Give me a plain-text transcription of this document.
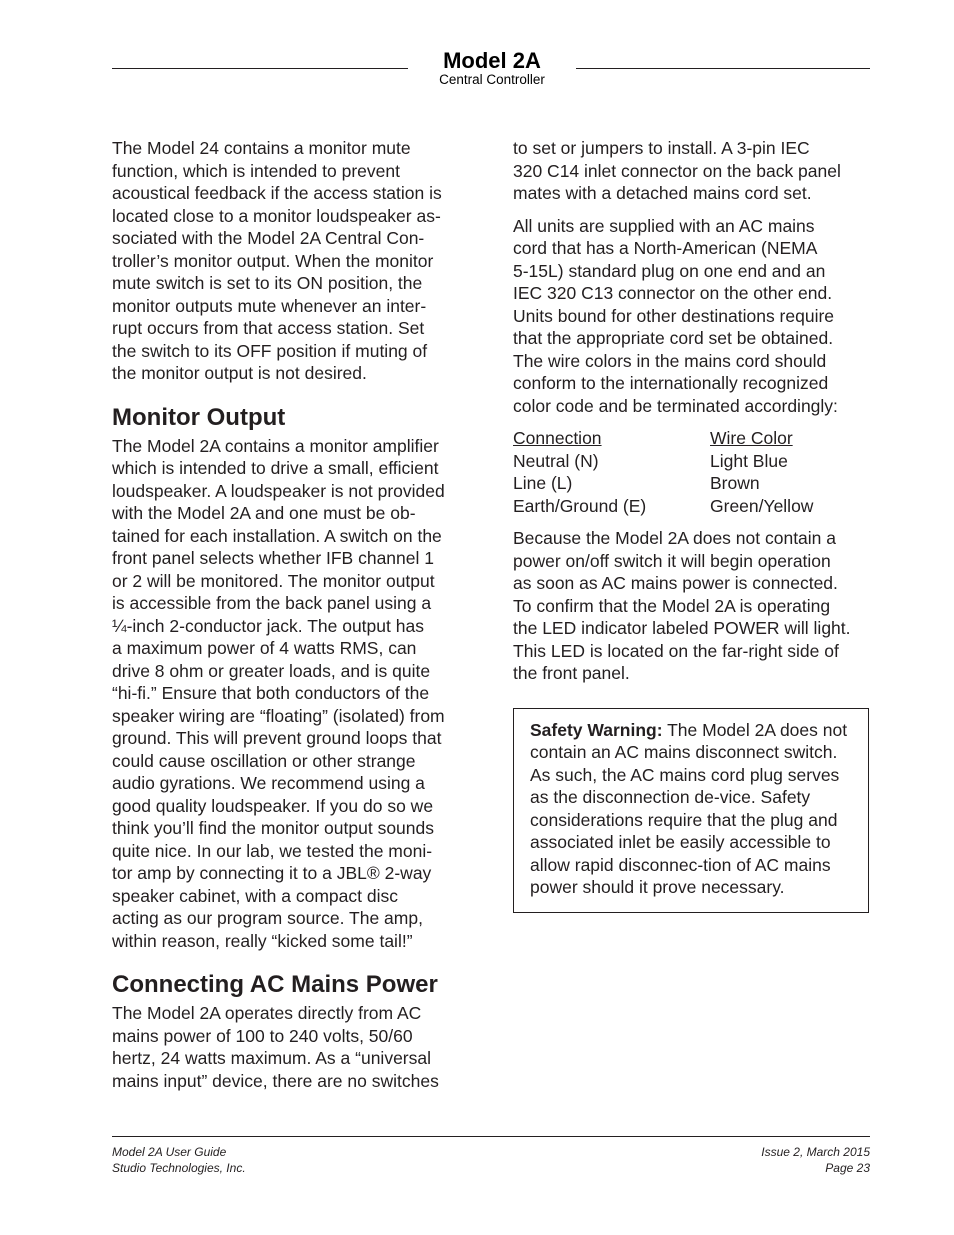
Model 2A
Central Controller

The Model 24 contains a monitor mute
function, which is intended to prevent
acoustical feedback if the access station is
located close to a monitor loudspeaker as-
sociated with the Model 2A Central Con-
troller’s monitor output. When the monitor
mute switch is set to its ON position, the
monitor outputs mute whenever an inter-
rupt occurs from that access station. Set
the switch to its OFF position if muting of
the monitor output is not desired.

Monitor Output

The Model 2A contains a monitor amplifier
which is intended to drive a small, efficient
loudspeaker. A loudspeaker is not provided
with the Model 2A and one must be ob-
tained for each installation. A switch on the
front panel selects whether IFB channel 1
or 2 will be monitored. The monitor output
is accessible from the back panel using a
¼-inch 2-conductor jack. The output has
a maximum power of 4 watts RMS, can
drive 8 ohm or greater loads, and is quite
“hi-fi.” Ensure that both conductors of the
speaker wiring are “floating” (isolated) from
ground. This will prevent ground loops that
could cause oscillation or other strange
audio gyrations. We recommend using a
good quality loudspeaker. If you do so we
think you’ll find the monitor output sounds
quite nice. In our lab, we tested the moni-
tor amp by connecting it to a JBL® 2-way
speaker cabinet, with a compact disc
acting as our program source. The amp,
within reason, really “kicked some tail!”

Connecting AC Mains Power

The Model 2A operates directly from AC
mains power of 100 to 240 volts, 50/60
hertz, 24 watts maximum. As a “universal
mains input” device, there are no switches

to set or jumpers to install. A 3-pin IEC
320 C14 inlet connector on the back panel
mates with a detached mains cord set.

All units are supplied with an AC mains
cord that has a North-American (NEMA
5-15L) standard plug on one end and an
IEC 320 C13 connector on the other end.
Units bound for other destinations require
that the appropriate cord set be obtained.
The wire colors in the mains cord should
conform to the internationally recognized
color code and be terminated accordingly:

Connection	Wire Color
Neutral (N)	Light Blue
Line (L)	Brown
Earth/Ground (E)	Green/Yellow

Because the Model 2A does not contain a
power on/off switch it will begin operation
as soon as AC mains power is connected.
To confirm that the Model 2A is operating
the LED indicator labeled POWER will light.
This LED is located on the far-right side of
the front panel.

Safety Warning: The Model 2A does not contain an AC mains disconnect switch. As such, the AC mains cord plug serves as the disconnection de-vice. Safety considerations require that the plug and associated inlet be easily accessible to allow rapid disconnec-tion of AC mains power should it prove necessary.
Model 2A User Guide
Studio Technologies, Inc.
Issue 2, March 2015
Page 23
